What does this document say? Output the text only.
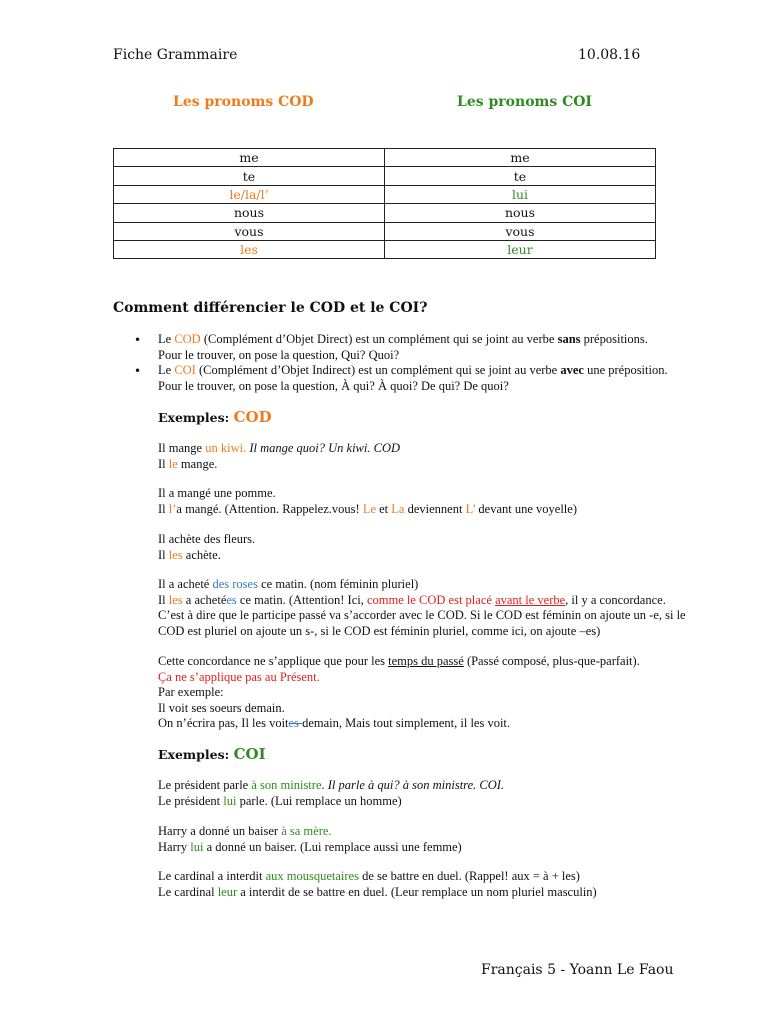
Fiche Grammaire	10.08.16
Les pronoms COD	Les pronoms COI
me	me
te	te
le/la/l’	lui
nous	nous
vous	vous
les	leur
Comment différencier le COD et le COI?
• Le COD (Complément d’Objet Direct) est un complément qui se joint au verbe sans prépositions.
Pour le trouver, on pose la question, Qui? Quoi?
• Le COI (Complément d’Objet Indirect) est un complément qui se joint au verbe avec une préposition.
Pour le trouver, on pose la question, À qui? À quoi? De qui? De quoi?
Exemples: COD
Il mange un kiwi. Il mange quoi? Un kiwi. COD
Il le mange.
Il a mangé une pomme.
Il l’a mangé. (Attention. Rappelez.vous! Le et La deviennent L’ devant une voyelle)
Il achète des fleurs.
Il les achète.
Il a acheté des roses ce matin. (nom féminin pluriel)
Il les a achetées ce matin. (Attention! Ici, comme le COD est placé avant le verbe, il y a concordance.
C’est à dire que le participe passé va s’accorder avec le COD. Si le COD est féminin on ajoute un -e, si le
COD est pluriel on ajoute un s-, si le COD est féminin pluriel, comme ici, on ajoute –es)
Cette concordance ne s’applique que pour les temps du passé (Passé composé, plus-que-parfait).
Ça ne s’applique pas au Présent.
Par exemple:
Il voit ses soeurs demain.
On n’écrira pas, Il les voites demain, Mais tout simplement, il les voit.
Exemples: COI
Le président parle à son ministre. Il parle à qui? à son ministre. COI.
Le président lui parle. (Lui remplace un homme)
Harry a donné un baiser à sa mère.
Harry lui a donné un baiser. (Lui remplace aussi une femme)
Le cardinal a interdit aux mousquetaires de se battre en duel. (Rappel! aux = à + les)
Le cardinal leur a interdit de se battre en duel. (Leur remplace un nom pluriel masculin)
Français 5 - Yoann Le Faou
